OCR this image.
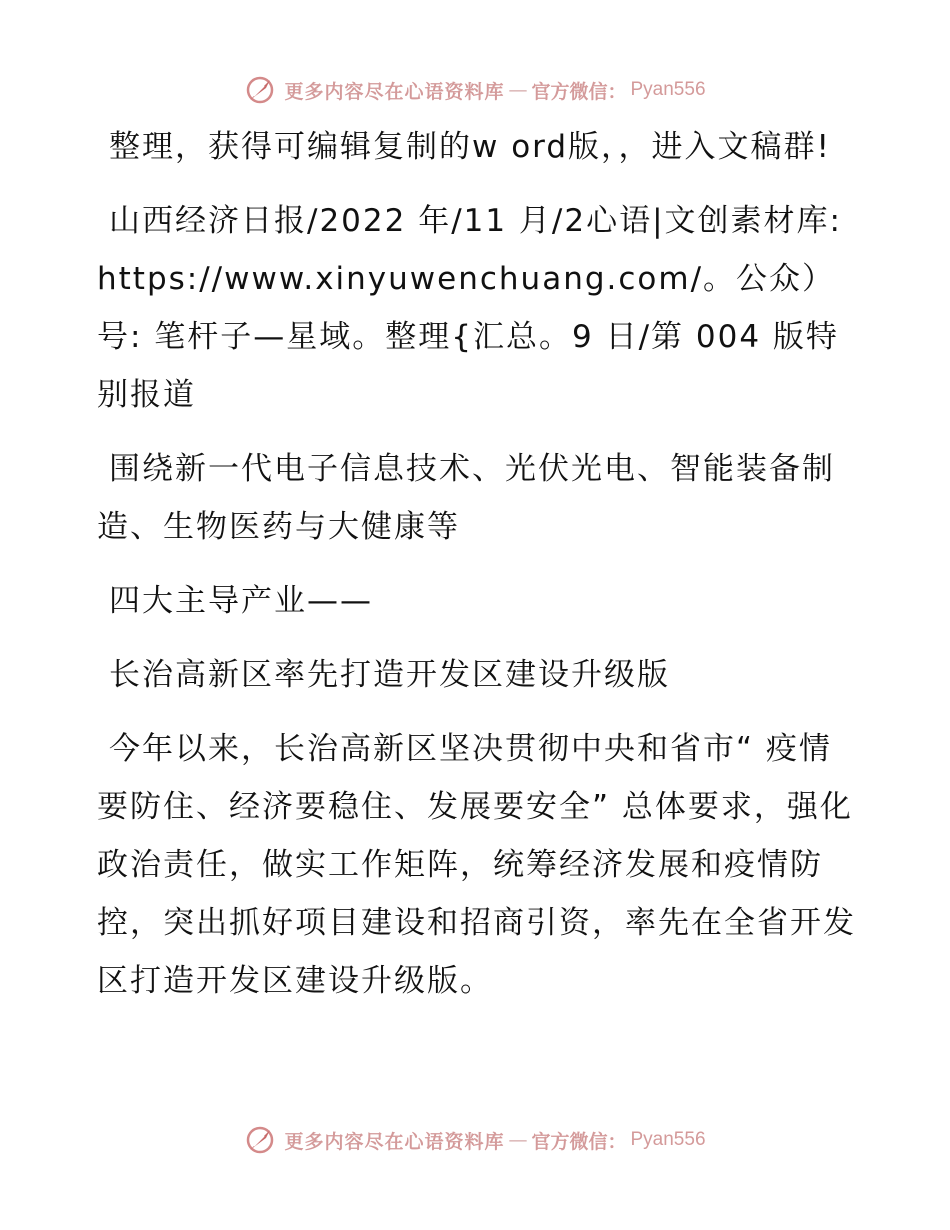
更多内容尽在心语资料库 — 官方微信： Pyan556

整理，获得可编辑复制的w ord版，，进入文稿群!

山西经济日报/2022 年/11 月/2心语|文创素材库: https://www.xinyuwenchuang.com/。公众）号: 笔杆子—星域。整理{汇总。9 日/第 004 版特别报道

围绕新一代电子信息技术、光伏光电、智能装备制造、生物医药与大健康等

四大主导产业——

长治高新区率先打造开发区建设升级版

今年以来，长治高新区坚决贯彻中央和省市“ 疫情要防住、经济要稳住、发展要安全” 总体要求，强化政治责任，做实工作矩阵，统筹经济发展和疫情防控，突出抓好项目建设和招商引资，率先在全省开发区打造开发区建设升级版。

更多内容尽在心语资料库 — 官方微信： Pyan556
